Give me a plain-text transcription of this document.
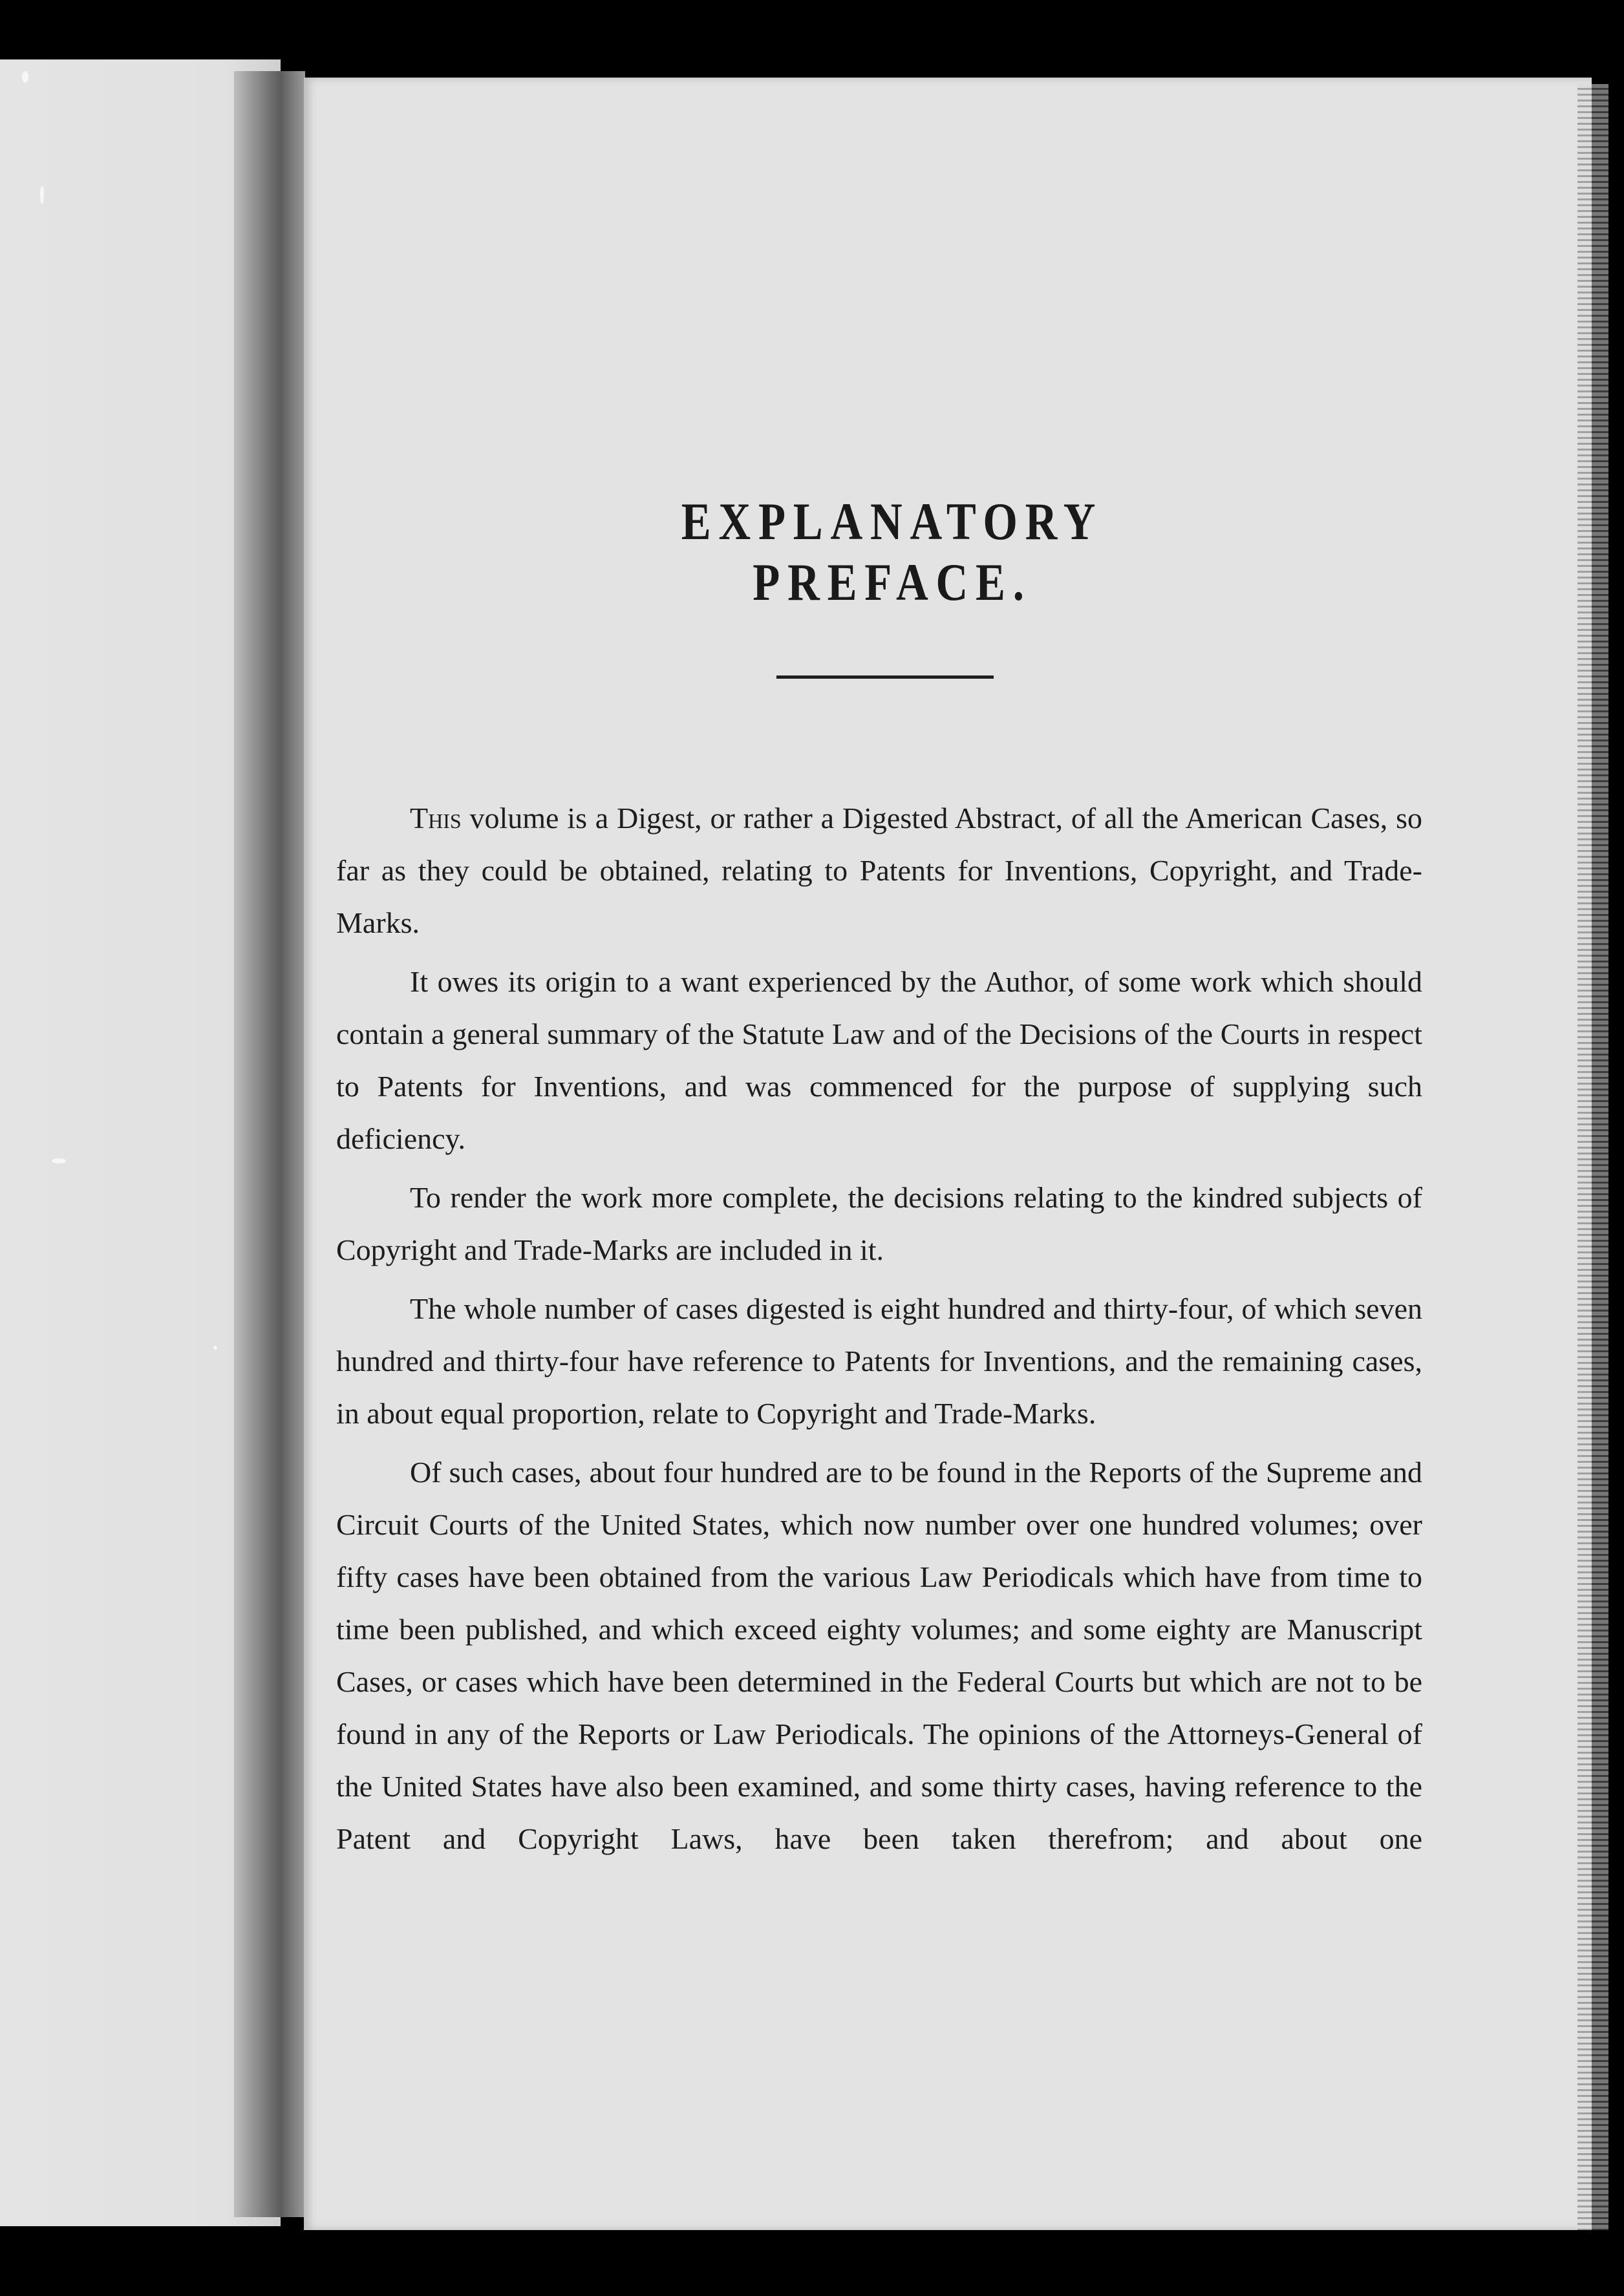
EXPLANATORY PREFACE.

This volume is a Digest, or rather a Digested Abstract, of all the American Cases, so far as they could be obtained, relating to Patents for Inventions, Copyright, and Trade-Marks.

It owes its origin to a want experienced by the Author, of some work which should contain a general summary of the Statute Law and of the Decisions of the Courts in respect to Patents for Inventions, and was commenced for the purpose of supplying such deficiency.

To render the work more complete, the decisions relating to the kindred subjects of Copyright and Trade-Marks are included in it.

The whole number of cases digested is eight hundred and thirty-four, of which seven hundred and thirty-four have reference to Patents for Inventions, and the remaining cases, in about equal proportion, relate to Copyright and Trade-Marks.

Of such cases, about four hundred are to be found in the Reports of the Supreme and Circuit Courts of the United States, which now number over one hundred volumes; over fifty cases have been obtained from the various Law Periodicals which have from time to time been published, and which exceed eighty volumes; and some eighty are Manuscript Cases, or cases which have been determined in the Federal Courts but which are not to be found in any of the Reports or Law Periodicals. The opinions of the Attorneys-General of the United States have also been examined, and some thirty cases, having reference to the Patent and Copyright Laws, have been taken therefrom; and about one
